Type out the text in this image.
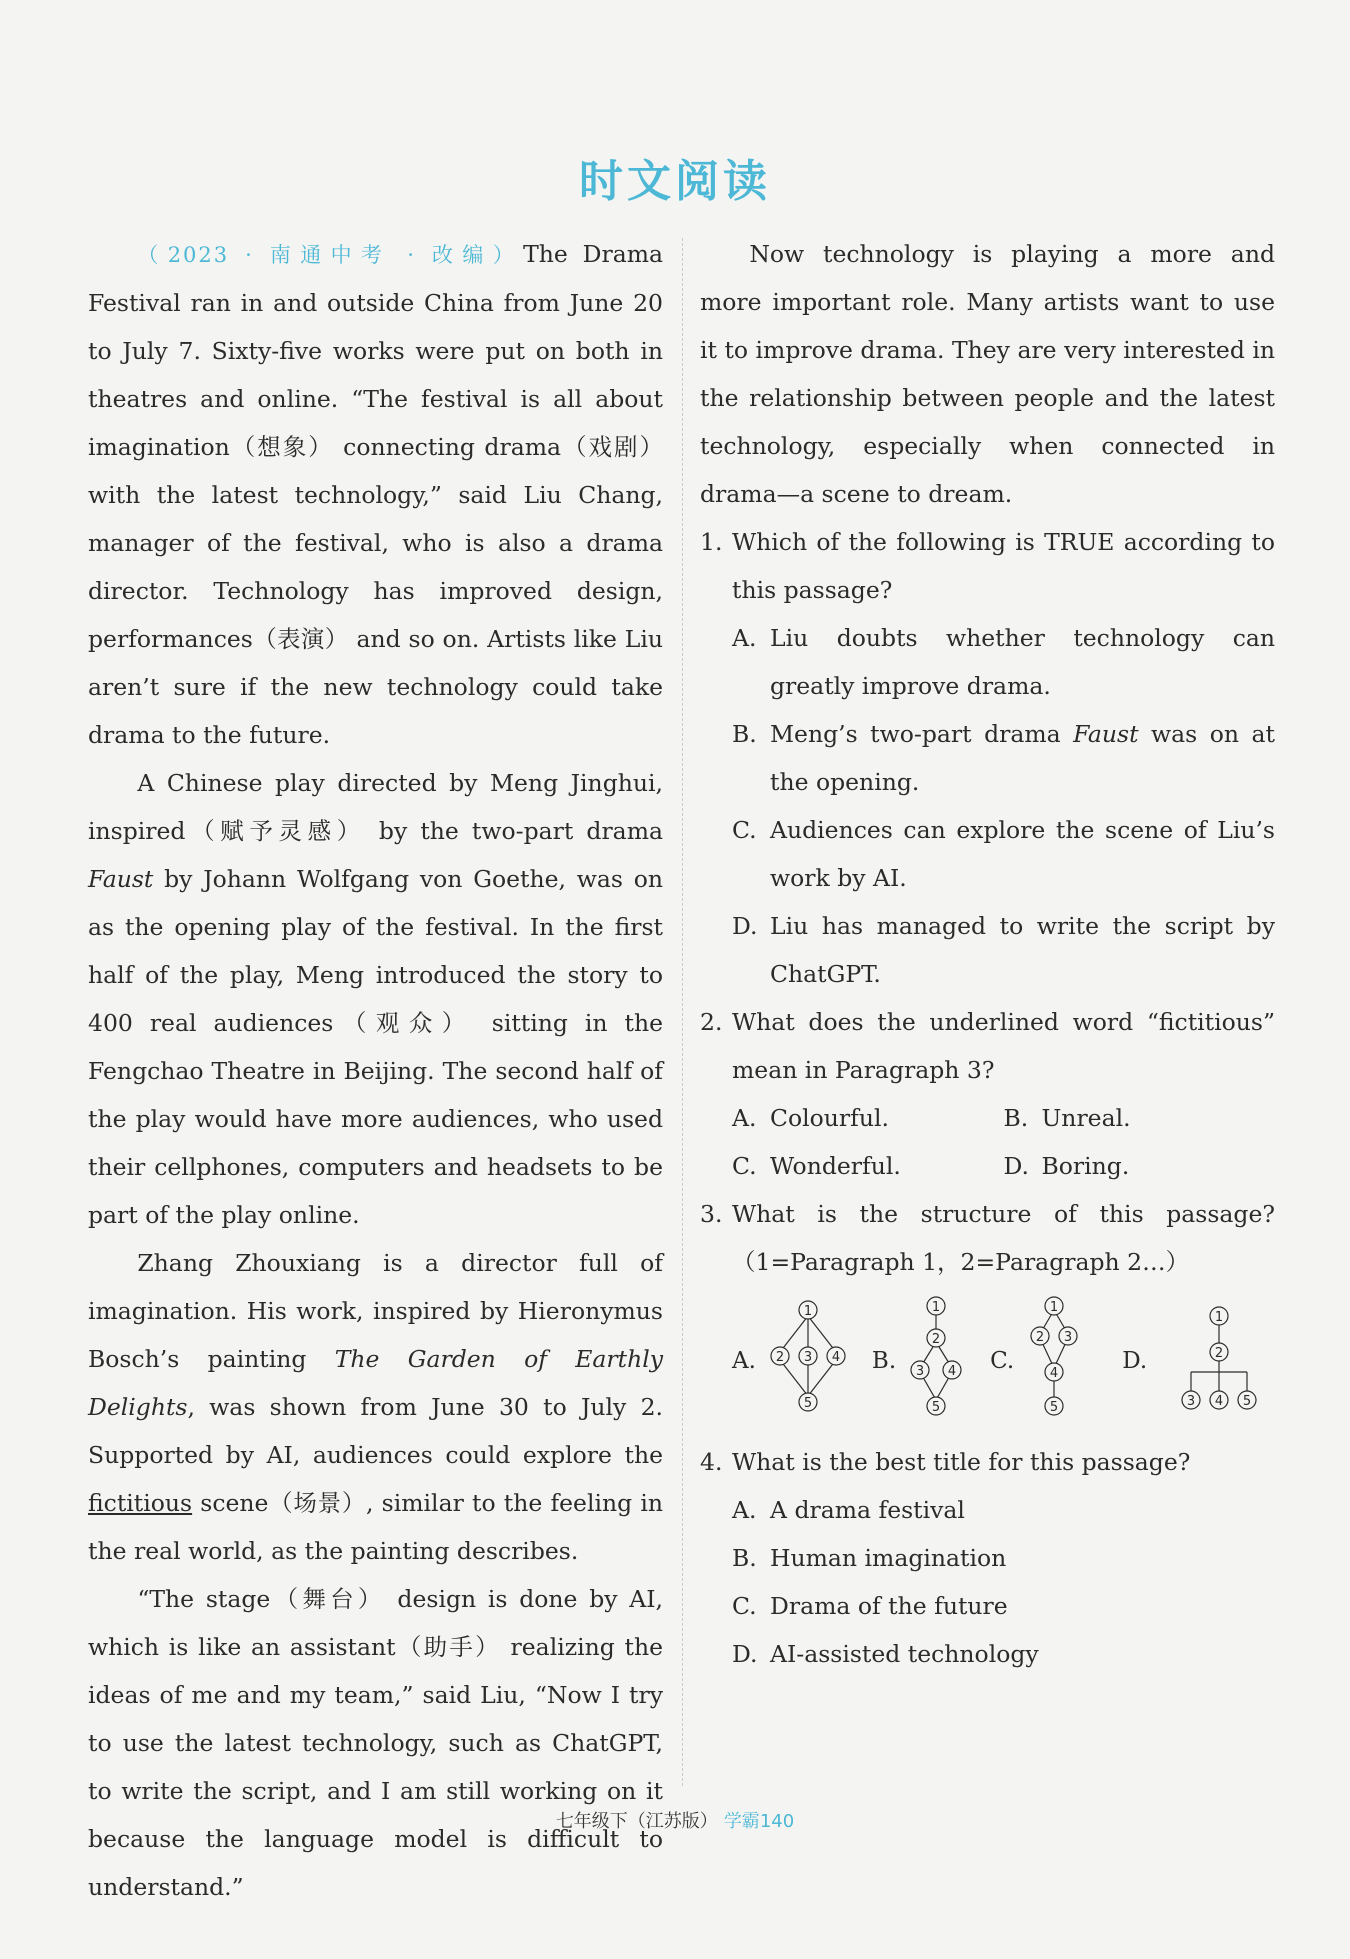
时文阅读

（2023 · 南通中考 · 改编）The Drama Festival ran in and outside China from June 20 to July 7. Sixty-five works were put on both in theatres and online. “The festival is all about imagination（想象） connecting drama（戏剧） with the latest technology,” said Liu Chang, manager of the festival, who is also a drama director. Technology has improved design, performances（表演） and so on. Artists like Liu aren’t sure if the new technology could take drama to the future.

A Chinese play directed by Meng Jinghui, inspired（赋予灵感） by the two-part drama Faust by Johann Wolfgang von Goethe, was on as the opening play of the festival. In the first half of the play, Meng introduced the story to 400 real audiences（观众） sitting in the Fengchao Theatre in Beijing. The second half of the play would have more audiences, who used their cellphones, computers and headsets to be part of the play online.

Zhang Zhouxiang is a director full of imagination. His work, inspired by Hieronymus Bosch’s painting The Garden of Earthly Delights, was shown from June 30 to July 2. Supported by AI, audiences could explore the fictitious scene（场景）, similar to the feeling in the real world, as the painting describes.

“The stage（舞台） design is done by AI, which is like an assistant（助手） realizing the ideas of me and my team,” said Liu, “Now I try to use the latest technology, such as ChatGPT, to write the script, and I am still working on it because the language model is difficult to understand.”

Now technology is playing a more and more important role. Many artists want to use it to improve drama. They are very interested in the relationship between people and the latest technology, especially when connected in drama—a scene to dream.

1. Which of the following is TRUE according to this passage?
A. Liu doubts whether technology can greatly improve drama.
B. Meng’s two-part drama Faust was on at the opening.
C. Audiences can explore the scene of Liu’s work by AI.
D. Liu has managed to write the script by ChatGPT.
2. What does the underlined word “fictitious” mean in Paragraph 3?
A. Colourful.	B. Unreal.
C. Wonderful.	D. Boring.
3. What is the structure of this passage?（1=Paragraph 1，2=Paragraph 2…）
A.
1
2 3 4
5
B.
1
2
3 4
5
C.
1
2 3
4
5
D.
1
2
3 4 5
4. What is the best title for this passage?
A. A drama festival
B. Human imagination
C. Drama of the future
D. AI-assisted technology
七年级下（江苏版） 学霸140
